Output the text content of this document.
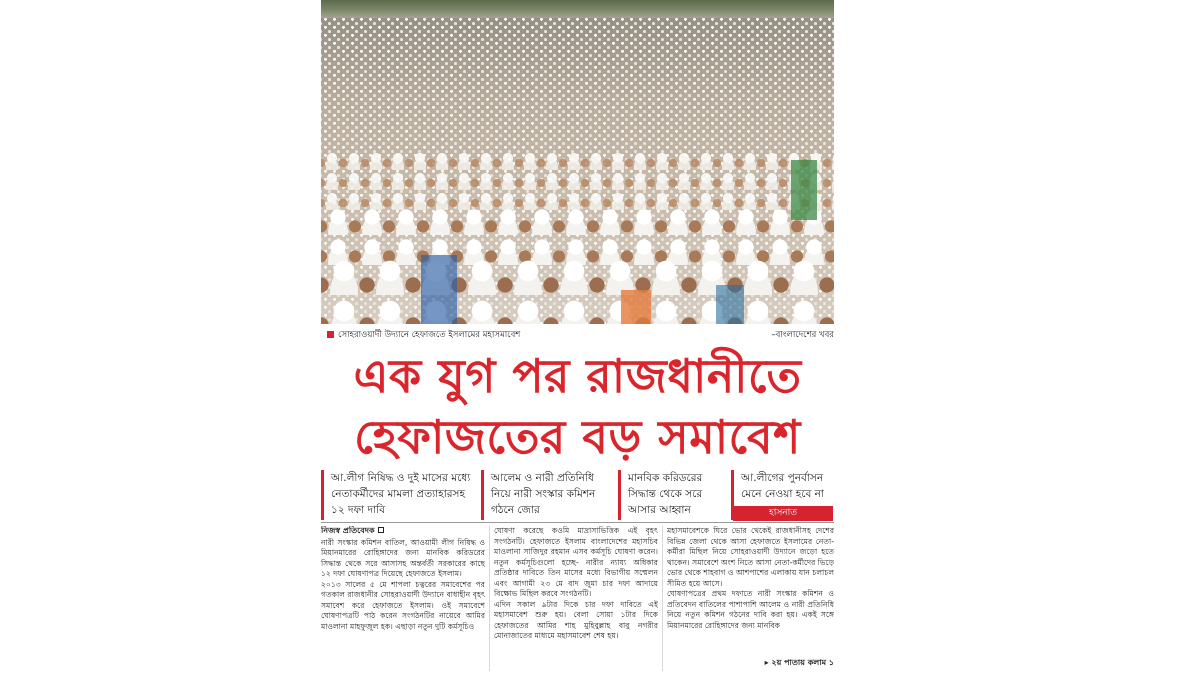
সোহরাওয়ার্দী উদ্যানে হেফাজতে ইসলামের মহাসমাবেশ	–বাংলাদেশের খবর
এক যুগ পর রাজধানীতে
হেফাজতের বড় সমাবেশ
আ.লীগ নিষিদ্ধ ও দুই মাসের মধ্যে নেতাকর্মীদের মামলা প্রত্যাহারসহ ১২ দফা দাবি
আলেম ও নারী প্রতিনিধি নিয়ে নারী সংস্কার কমিশন গঠনে জোর
মানবিক করিডরের সিদ্ধান্ত থেকে সরে আসার আহ্বান
আ.লীগের পুনর্বাসন মেনে নেওয়া হবে না
হাসনাত
নিজস্ব প্রতিবেদক
নারী সংস্কার কমিশন বাতিল, আওয়ামী লীগ নিষিদ্ধ ও মিয়ানমারের রোহিঙ্গাদের জন্য মানবিক করিডরের সিদ্ধান্ত থেকে সরে আসাসহ অন্তর্বর্তী সরকারের কাছে ১২ দফা ঘোষণাপত্র দিয়েছে হেফাজতে ইসলাম।
২০১৩ সালের ৫ মে শাপলা চত্বরের সমাবেশের পর গতকাল রাজধানীর সোহরাওয়ার্দী উদ্যানে বাধাহীন বৃহৎ সমাবেশ করে হেফাজতে ইসলাম। ওই সমাবেশে ঘোষণাপত্রটি পাঠ করেন সংগঠনটির নায়েবে আমির মাওলানা মাহফুজুল হক। এছাড়া নতুন দুটি কর্মসূচিও
ঘোষণা করেছে কওমি মাদ্রাসাভিত্তিক এই বৃহৎ সংগঠনটি। হেফাজতে ইসলাম বাংলাদেশের মহাসচিব মাওলানা সাজিদুর রহমান এসব কর্মসূচি ঘোষণা করেন। নতুন কর্মসূচিগুলো হচ্ছে- নারীর ন্যায্য অধিকার প্রতিষ্ঠার দাবিতে তিন মাসের মধ্যে বিভাগীয় সম্মেলন এবং আগামী ২৩ মে বাদ জুমা চার দফা আদায়ে বিক্ষোভ মিছিল করবে সংগঠনটি।
এদিন সকাল ৯টার দিকে চার দফা দাবিতে এই মহাসমাবেশ শুরু হয়। বেলা সোয়া ১টার দিকে হেফাজতের আমির শাহ মুহিবুল্লাহ বাবু নগরীর মোনাজাতের মাধ্যমে মহাসমাবেশ শেষ হয়।
মহাসমাবেশকে ঘিরে ভোর থেকেই রাজধানীসহ দেশের বিভিন্ন জেলা থেকে আসা হেফাজতে ইসলামের নেতা-কর্মীরা মিছিল নিয়ে সোহরাওয়ার্দী উদ্যানে জড়ো হতে থাকেন। সমাবেশে অংশ নিতে আসা নেতা-কর্মীদের ভিড়ে ভোর থেকে শাহবাগ ও আশপাশের এলাকায় যান চলাচল সীমিত হয়ে আসে।
ঘোষণাপত্রের প্রথম দফাতে নারী সংস্কার কমিশন ও প্রতিবেদন বাতিলের পাশাপাশি আলেম ও নারী প্রতিনিধি নিয়ে নতুন কমিশন গঠনের দাবি করা হয়। একই সঙ্গে মিয়ানমারের রোহিঙ্গাদের জন্য মানবিক
▸ ২য় পাতায় কলাম ১
